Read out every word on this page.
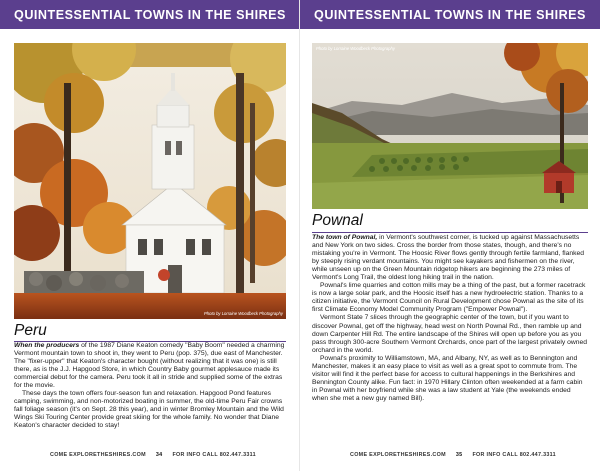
QUINTESSENTIAL TOWNS IN THE SHIRES
Photo by Lorraine Woodbeck Photography
Peru

When the producers of the 1987 Diane Keaton comedy "Baby Boom" needed a charming Vermont mountain town to shoot in, they went to Peru (pop. 375), due east of Manchester. The "fixer-upper" that Keaton's character bought (without realizing that it was one) is still there, as is the J.J. Hapgood Store, in which Country Baby gourmet applesauce made its commercial debut for the camera. Peru took it all in stride and supplied some of the extras for the movie.

These days the town offers four-season fun and relaxation. Hapgood Pond features camping, swimming, and non-motorized boating in summer, the old-time Peru Fair crowns fall foliage season (it's on Sept. 28 this year), and in winter Bromley Mountain and the Wild Wings Ski Touring Center provide great skiing for the whole family. No wonder that Diane Keaton's character decided to stay!

COME EXPLORETHESHIRES.COM 34 FOR INFO CALL 802.447.3311
QUINTESSENTIAL TOWNS IN THE SHIRES
Photo by Lorraine Woodbeck Photography
Pownal

The town of Pownal, in Vermont's southwest corner, is tucked up against Massachusetts and New York on two sides. Cross the border from those states, though, and there's no mistaking you're in Vermont. The Hoosic River flows gently through fertile farmland, flanked by steeply rising verdant mountains. You might see kayakers and fishermen on the river, while unseen up on the Green Mountain ridgetop hikers are beginning the 273 miles of Vermont's Long Trail, the oldest long hiking trail in the nation.

Pownal's lime quarries and cotton mills may be a thing of the past, but a former racetrack is now a large solar park, and the Hoosic itself has a new hydroelectric station. Thanks to a citizen initiative, the Vermont Council on Rural Development chose Pownal as the site of its first Climate Economy Model Community Program ("Empower Pownal").

Vermont State 7 slices through the geographic center of the town, but if you want to discover Pownal, get off the highway, head west on North Pownal Rd., then ramble up and down Carpenter Hill Rd. The entire landscape of the Shires will open up before you as you pass through 300-acre Southern Vermont Orchards, once part of the largest privately owned orchard in the world.

Pownal's proximity to Williamstown, MA, and Albany, NY, as well as to Bennington and Manchester, makes it an easy place to visit as well as a great spot to commute from. The visitor will find it the perfect base for access to cultural happenings in the Berkshires and Bennington County alike. Fun fact: in 1970 Hillary Clinton often weekended at a farm cabin in Pownal with her boyfriend while she was a law student at Yale (the weekends ended when she met a new guy named Bill).

COME EXPLORETHESHIRES.COM 35 FOR INFO CALL 802.447.3311
